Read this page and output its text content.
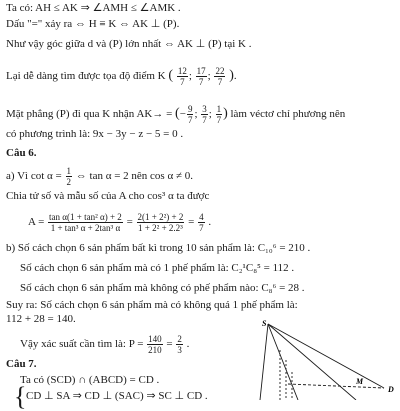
Ta có: AH ≤ AK ⇒ ∠AMH ≤ ∠AMK .
Dấu "=" xảy ra ⇔ H ≡ K ⇔ AK ⊥ (P).
Như vậy góc giữa d và (P) lớn nhất ⇔ AK ⊥ (P) tại K .
Lại dễ dàng tìm được tọa độ điểm K ( $\frac{12}{7}$ ; $\frac{17}{7}$ ; $\frac{22}{7}$ ).
Mặt phẳng (P) đi qua K nhận AK→ = (− $\frac{9}{7}$ ; $\frac{3}{7}$ ; $\frac{1}{7}$ ) làm véctơ chỉ phương nên
có phương trình là: 9x − 3y − z − 5 = 0 .
Câu 6.
a) Vì $\cot \alpha = \frac{1}{2}$ ⇔ tan α = 2 nên cos α ≠ 0.
Chia tử số và mẫu số của A cho cos³ α ta được
$A = \frac{\text{tan α(1 + tan² α) + 2}}{\text{1 + tan³ α + 2tan³ α}} = \frac{\text{2(1 + 2²) + 2}}{\text{1 + 2² + 2.2³}} = \frac{4}{7}$ .
b) Số cách chọn 6 sản phẩm bất kì trong 10 sản phẩm là: C₁₀⁶ = 210 .
Số cách chọn 6 sản phẩm mà có 1 phế phẩm là: C₂¹C₈⁵ = 112 .
Số cách chọn 6 sản phẩm mà không có phế phẩm nào: C₈⁶ = 28 .
Suy ra: Số cách chọn 6 sản phẩm mà có không quá 1 phế phẩm là:
112 + 28 = 140.
Vậy xác suất cần tìm là: $P = \frac{140}{210} = \frac{2}{3}$ .
Câu 7.
Ta có (SCD) ∩ (ABCD) = CD .
{ CD ⊥ SA ⇒ CD ⊥ (SAC) ⇒ SC ⊥ CD .
S
M
D
